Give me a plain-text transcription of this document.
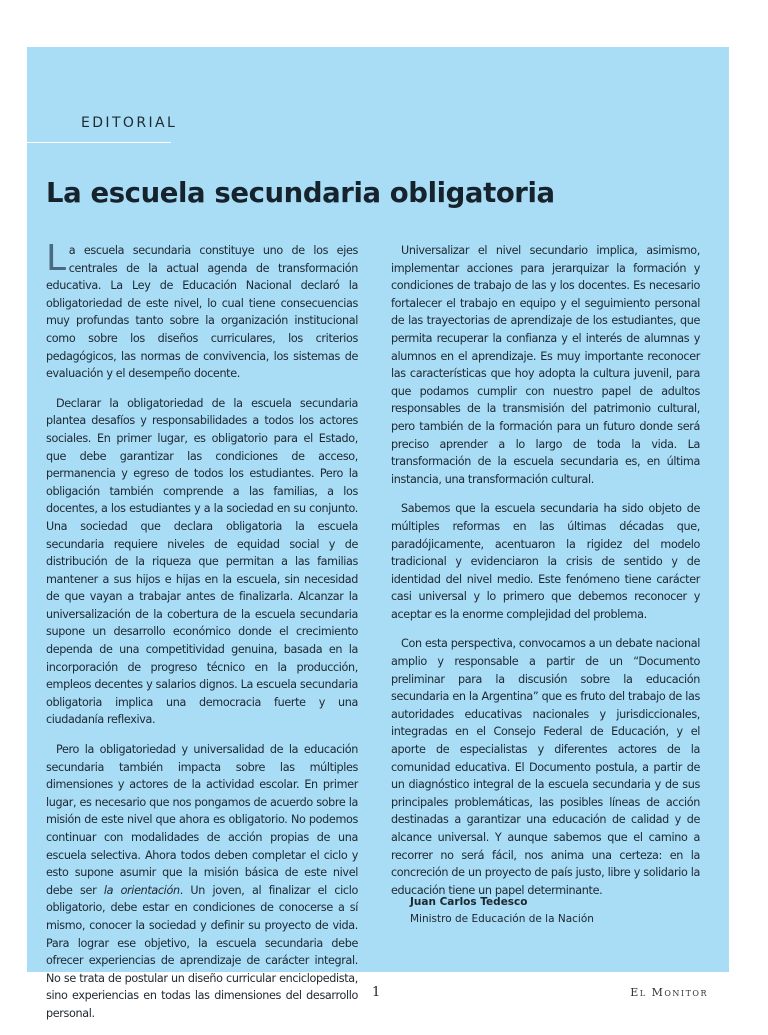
EDITORIAL
La escuela secundaria obligatoria

La escuela secundaria constituye uno de los ejes centrales de la actual agenda de transformación educativa. La Ley de Educación Nacional declaró la obligatoriedad de este nivel, lo cual tiene consecuencias muy profundas tanto sobre la organización institucional como sobre los diseños curriculares, los criterios pedagógicos, las normas de convivencia, los sistemas de evaluación y el desempeño docente.

Declarar la obligatoriedad de la escuela secundaria plantea desafíos y responsabilidades a todos los actores sociales. En primer lugar, es obligatorio para el Estado, que debe garantizar las condiciones de acceso, permanencia y egreso de todos los estudiantes. Pero la obligación también comprende a las familias, a los docentes, a los estudiantes y a la sociedad en su conjunto. Una sociedad que declara obligatoria la escuela secundaria requiere niveles de equidad social y de distribución de la riqueza que permitan a las familias mantener a sus hijos e hijas en la escuela, sin necesidad de que vayan a trabajar antes de finalizarla. Alcanzar la universalización de la cobertura de la escuela secundaria supone un desarrollo económico donde el crecimiento dependa de una competitividad genuina, basada en la incorporación de progreso técnico en la producción, empleos decentes y salarios dignos. La escuela secundaria obligatoria implica una democracia fuerte y una ciudadanía reflexiva.

Pero la obligatoriedad y universalidad de la educación secundaria también impacta sobre las múltiples dimensiones y actores de la actividad escolar. En primer lugar, es necesario que nos pongamos de acuerdo sobre la misión de este nivel que ahora es obligatorio. No podemos continuar con modalidades de acción propias de una escuela selectiva. Ahora todos deben completar el ciclo y esto supone asumir que la misión básica de este nivel debe ser la orientación. Un joven, al finalizar el ciclo obligatorio, debe estar en condiciones de conocerse a sí mismo, conocer la sociedad y definir su proyecto de vida. Para lograr ese objetivo, la escuela secundaria debe ofrecer experiencias de aprendizaje de carácter integral. No se trata de postular un diseño curricular enciclopedista, sino experiencias en todas las dimensiones del desarrollo personal.

Universalizar el nivel secundario implica, asimismo, implementar acciones para jerarquizar la formación y condiciones de trabajo de las y los docentes. Es necesario fortalecer el trabajo en equipo y el seguimiento personal de las trayectorias de aprendizaje de los estudiantes, que permita recuperar la confianza y el interés de alumnas y alumnos en el aprendizaje. Es muy importante reconocer las características que hoy adopta la cultura juvenil, para que podamos cumplir con nuestro papel de adultos responsables de la transmisión del patrimonio cultural, pero también de la formación para un futuro donde será preciso aprender a lo largo de toda la vida. La transformación de la escuela secundaria es, en última instancia, una transformación cultural.

Sabemos que la escuela secundaria ha sido objeto de múltiples reformas en las últimas décadas que, paradójicamente, acentuaron la rigidez del modelo tradicional y evidenciaron la crisis de sentido y de identidad del nivel medio. Este fenómeno tiene carácter casi universal y lo primero que debemos reconocer y aceptar es la enorme complejidad del problema.

Con esta perspectiva, convocamos a un debate nacional amplio y responsable a partir de un “Documento preliminar para la discusión sobre la educación secundaria en la Argentina” que es fruto del trabajo de las autoridades educativas nacionales y jurisdiccionales, integradas en el Consejo Federal de Educación, y el aporte de especialistas y diferentes actores de la comunidad educativa. El Documento postula, a partir de un diagnóstico integral de la escuela secundaria y de sus principales problemáticas, las posibles líneas de acción destinadas a garantizar una educación de calidad y de alcance universal. Y aunque sabemos que el camino a recorrer no será fácil, nos anima una certeza: en la concreción de un proyecto de país justo, libre y solidario la educación tiene un papel determinante.

Juan Carlos Tedesco
Ministro de Educación de la Nación
1	El Monitor
